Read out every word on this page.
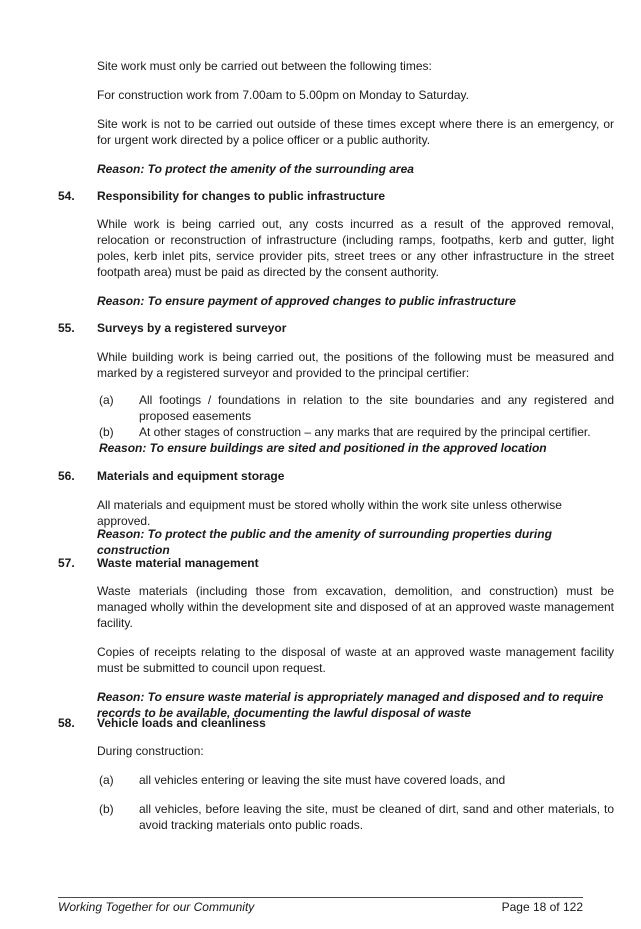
Site work must only be carried out between the following times:

For construction work from 7.00am to 5.00pm on Monday to Saturday.

Site work is not to be carried out outside of these times except where there is an emergency, or for urgent work directed by a police officer or a public authority.

Reason: To protect the amenity of the surrounding area

54.	Responsibility for changes to public infrastructure

While work is being carried out, any costs incurred as a result of the approved removal, relocation or reconstruction of infrastructure (including ramps, footpaths, kerb and gutter, light poles, kerb inlet pits, service provider pits, street trees or any other infrastructure in the street footpath area) must be paid as directed by the consent authority.

Reason: To ensure payment of approved changes to public infrastructure

55.	Surveys by a registered surveyor

While building work is being carried out, the positions of the following must be measured and marked by a registered surveyor and provided to the principal certifier:

(a) All footings / foundations in relation to the site boundaries and any registered and proposed easements
(b) At other stages of construction – any marks that are required by the principal certifier.

Reason: To ensure buildings are sited and positioned in the approved location

56.	Materials and equipment storage

All materials and equipment must be stored wholly within the work site unless otherwise approved.

Reason: To protect the public and the amenity of surrounding properties during construction

57.	Waste material management

Waste materials (including those from excavation, demolition, and construction) must be managed wholly within the development site and disposed of at an approved waste management facility.

Copies of receipts relating to the disposal of waste at an approved waste management facility must be submitted to council upon request.

Reason: To ensure waste material is appropriately managed and disposed and to require records to be available, documenting the lawful disposal of waste

58.	Vehicle loads and cleanliness

During construction:

(a) all vehicles entering or leaving the site must have covered loads, and
(b) all vehicles, before leaving the site, must be cleaned of dirt, sand and other materials, to avoid tracking materials onto public roads.
Working Together for our Community	Page 18 of 122
